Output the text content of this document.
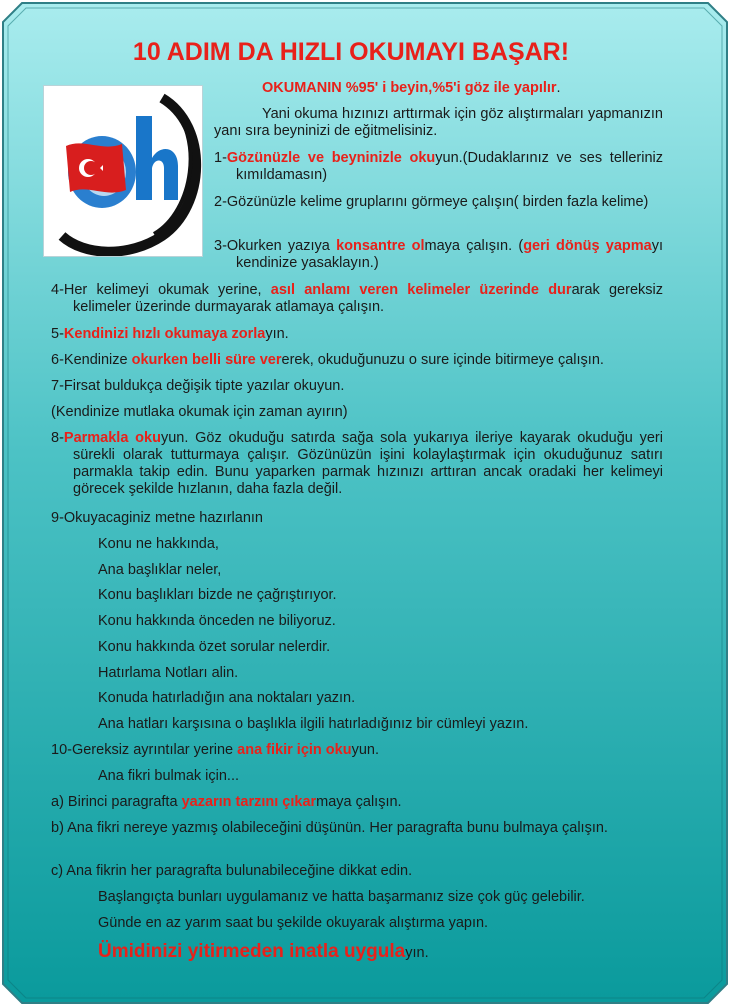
10 ADIM DA HIZLI OKUMAYI BAŞAR!
OKUMANIN %95' i beyin,%5'i göz ile yapılır.
Yani okuma hızınızı arttırmak için göz alıştırmaları yapmanızın yanı sıra beyninizi de eğitmelisiniz.
1-Gözünüzle ve beyninizle okuyun.(Dudaklarınız ve ses telleriniz kımıldamasın)
2-Gözünüzle kelime gruplarını görmeye çalışın( birden fazla kelime)
3-Okurken yazıya konsantre olmaya çalışın. (geri dönüş yapmayı kendinize yasaklayın.)
4-Her kelimeyi okumak yerine, asıl anlamı veren kelimeler üzerinde durarak gereksiz kelimeler üzerinde durmayarak atlamaya çalışın.
5-Kendinizi hızlı okumaya zorlayın.
6-Kendinize okurken belli süre vererek, okuduğunuzu o sure içinde bitirmeye çalışın.
7-Firsat buldukça değişik tipte yazılar okuyun.
(Kendinize mutlaka okumak için zaman ayırın)
8-Parmakla okuyun. Göz okuduğu satırda sağa sola yukarıya ileriye kayarak okuduğu yeri sürekli olarak tutturmaya çalışır. Gözünüzün işini kolaylaştırmak için okuduğunuz satırı parmakla takip edin. Bunu yaparken parmak hızınızı arttıran ancak oradaki her kelimeyi görecek şekilde hızlanın, daha fazla değil.
9-Okuyacaginiz metne hazırlanın
Konu ne hakkında,
Ana başlıklar neler,
Konu başlıkları bizde ne çağrıştırıyor.
Konu hakkında önceden ne biliyoruz.
Konu hakkında özet sorular nelerdir.
Hatırlama Notları alin.
Konuda hatırladığın ana noktaları yazın.
Ana hatları karşısına o başlıkla ilgili hatırladığınız bir cümleyi yazın.
10-Gereksiz ayrıntılar yerine ana fikir için okuyun.
Ana fikri bulmak için...
a) Birinci paragrafta yazarın tarzını çıkarmaya çalışın.
b) Ana fikri nereye yazmış olabileceğini düşünün. Her paragrafta bunu bulmaya çalışın.
c) Ana fikrin her paragrafta bulunabileceğine dikkat edin.
Başlangıçta bunları uygulamanız ve hatta başarmanız size çok güç gelebilir.
Günde en az yarım saat bu şekilde okuyarak alıştırma yapın.
Ümidinizi yitirmeden inatla uygulayın.
